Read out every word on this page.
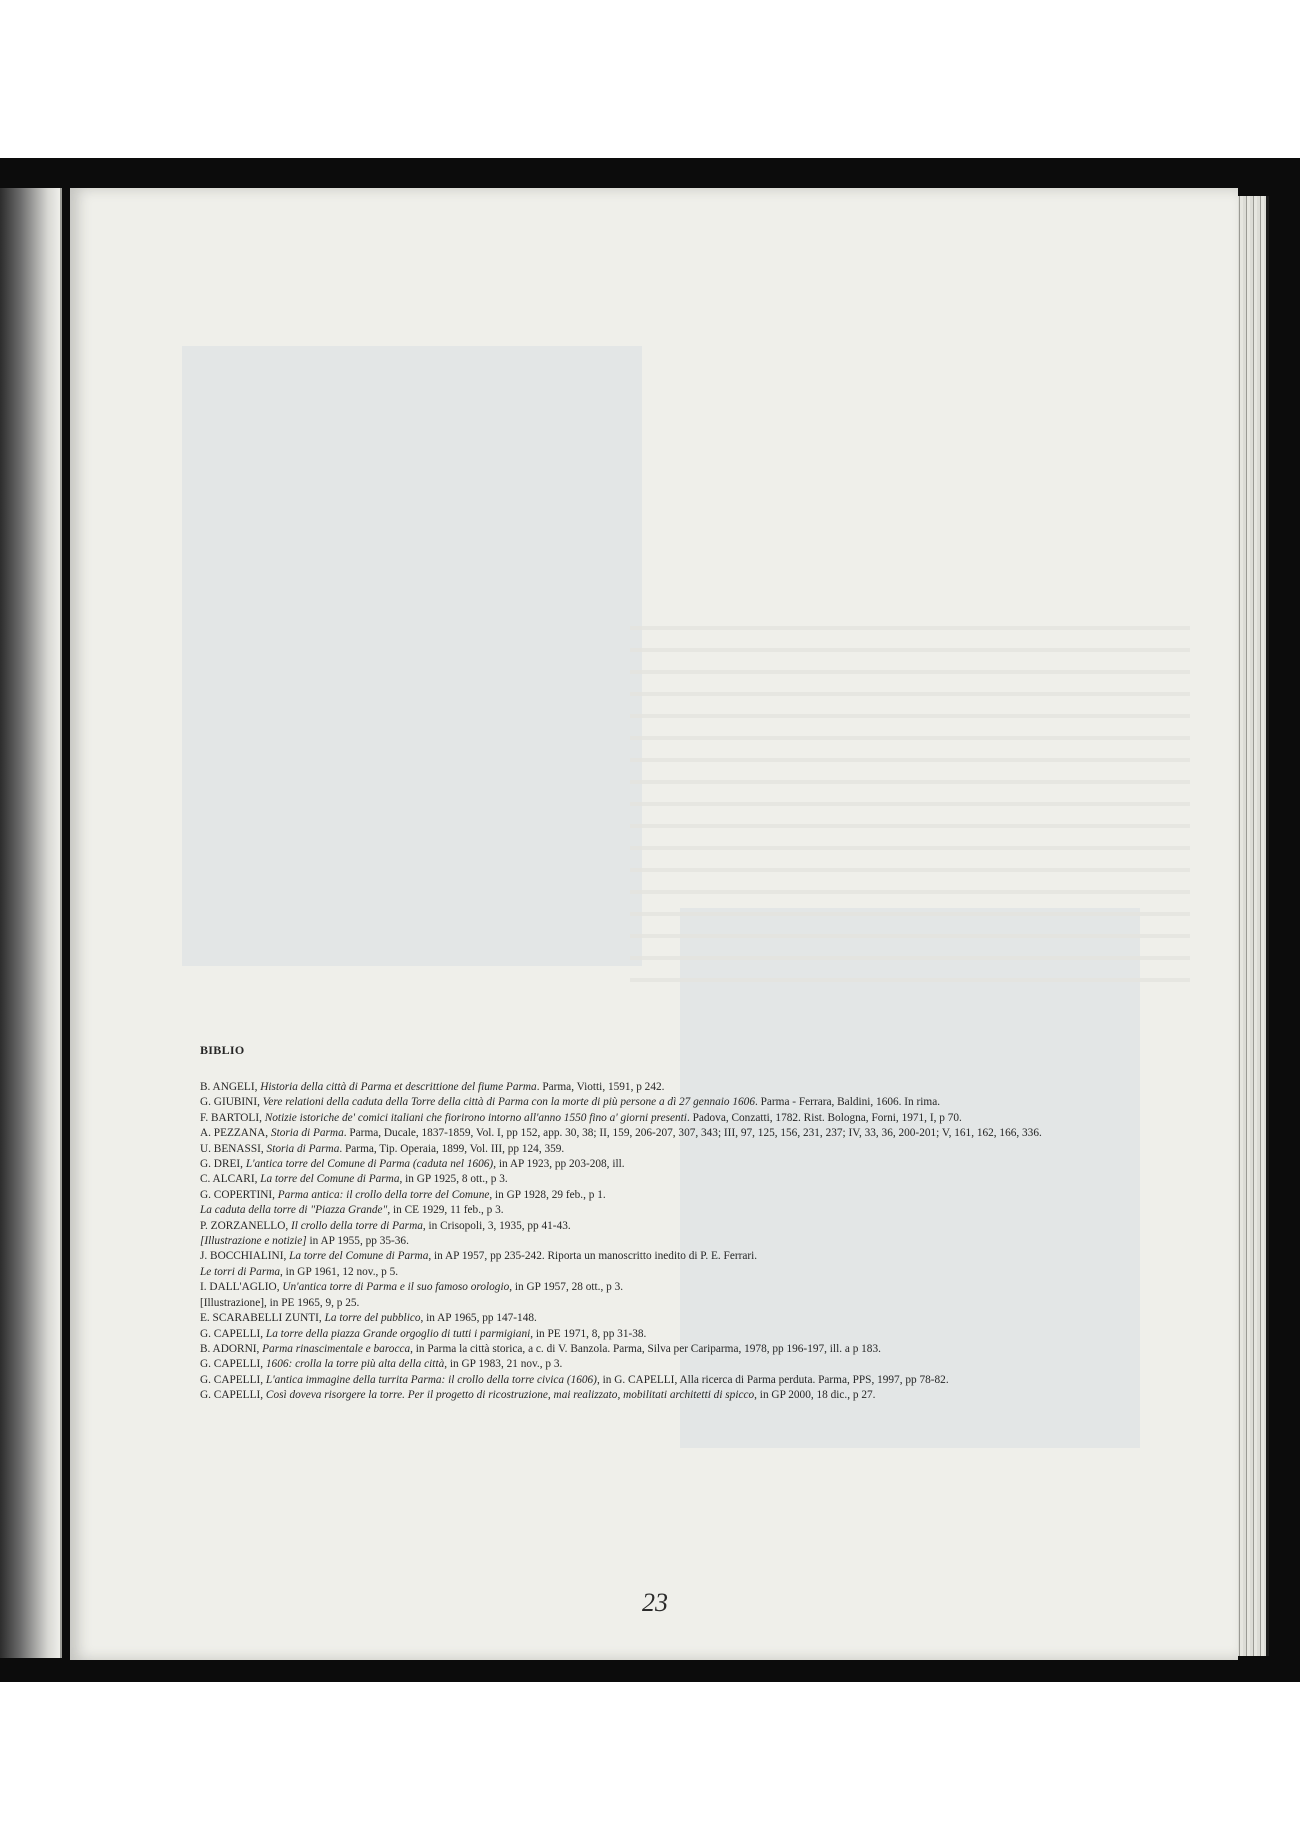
BIBLIO
B. ANGELI, Historia della città di Parma et descrittione del fiume Parma. Parma, Viotti, 1591, p 242.
G. GIUBINI, Vere relationi della caduta della Torre della città di Parma con la morte di più persone a dì 27 gennaio 1606. Parma - Ferrara, Baldini, 1606. In rima.
F. BARTOLI, Notizie istoriche de' comici italiani che fiorirono intorno all'anno 1550 fino a' giorni presenti. Padova, Conzatti, 1782. Rist. Bologna, Forni, 1971, I, p 70.
A. PEZZANA, Storia di Parma. Parma, Ducale, 1837-1859, Vol. I, pp 152, app. 30, 38; II, 159, 206-207, 307, 343; III, 97, 125, 156, 231, 237; IV, 33, 36, 200-201; V, 161, 162, 166, 336.
U. BENASSI, Storia di Parma. Parma, Tip. Operaia, 1899, Vol. III, pp 124, 359.
G. DREI, L'antica torre del Comune di Parma (caduta nel 1606), in AP 1923, pp 203-208, ill.
C. ALCARI, La torre del Comune di Parma, in GP 1925, 8 ott., p 3.
G. COPERTINI, Parma antica: il crollo della torre del Comune, in GP 1928, 29 feb., p 1.
La caduta della torre di "Piazza Grande", in CE 1929, 11 feb., p 3.
P. ZORZANELLO, Il crollo della torre di Parma, in Crisopoli, 3, 1935, pp 41-43.
[Illustrazione e notizie] in AP 1955, pp 35-36.
J. BOCCHIALINI, La torre del Comune di Parma, in AP 1957, pp 235-242. Riporta un manoscritto inedito di P. E. Ferrari.
Le torri di Parma, in GP 1961, 12 nov., p 5.
I. DALL'AGLIO, Un'antica torre di Parma e il suo famoso orologio, in GP 1957, 28 ott., p 3.
[Illustrazione], in PE 1965, 9, p 25.
E. SCARABELLI ZUNTI, La torre del pubblico, in AP 1965, pp 147-148.
G. CAPELLI, La torre della piazza Grande orgoglio di tutti i parmigiani, in PE 1971, 8, pp 31-38.
B. ADORNI, Parma rinascimentale e barocca, in Parma la città storica, a c. di V. Banzola. Parma, Silva per Cariparma, 1978, pp 196-197, ill. a p 183.
G. CAPELLI, 1606: crolla la torre più alta della città, in GP 1983, 21 nov., p 3.
G. CAPELLI, L'antica immagine della turrita Parma: il crollo della torre civica (1606), in G. CAPELLI, Alla ricerca di Parma perduta. Parma, PPS, 1997, pp 78-82.
G. CAPELLI, Così doveva risorgere la torre. Per il progetto di ricostruzione, mai realizzato, mobilitati architetti di spicco, in GP 2000, 18 dic., p 27.
23
